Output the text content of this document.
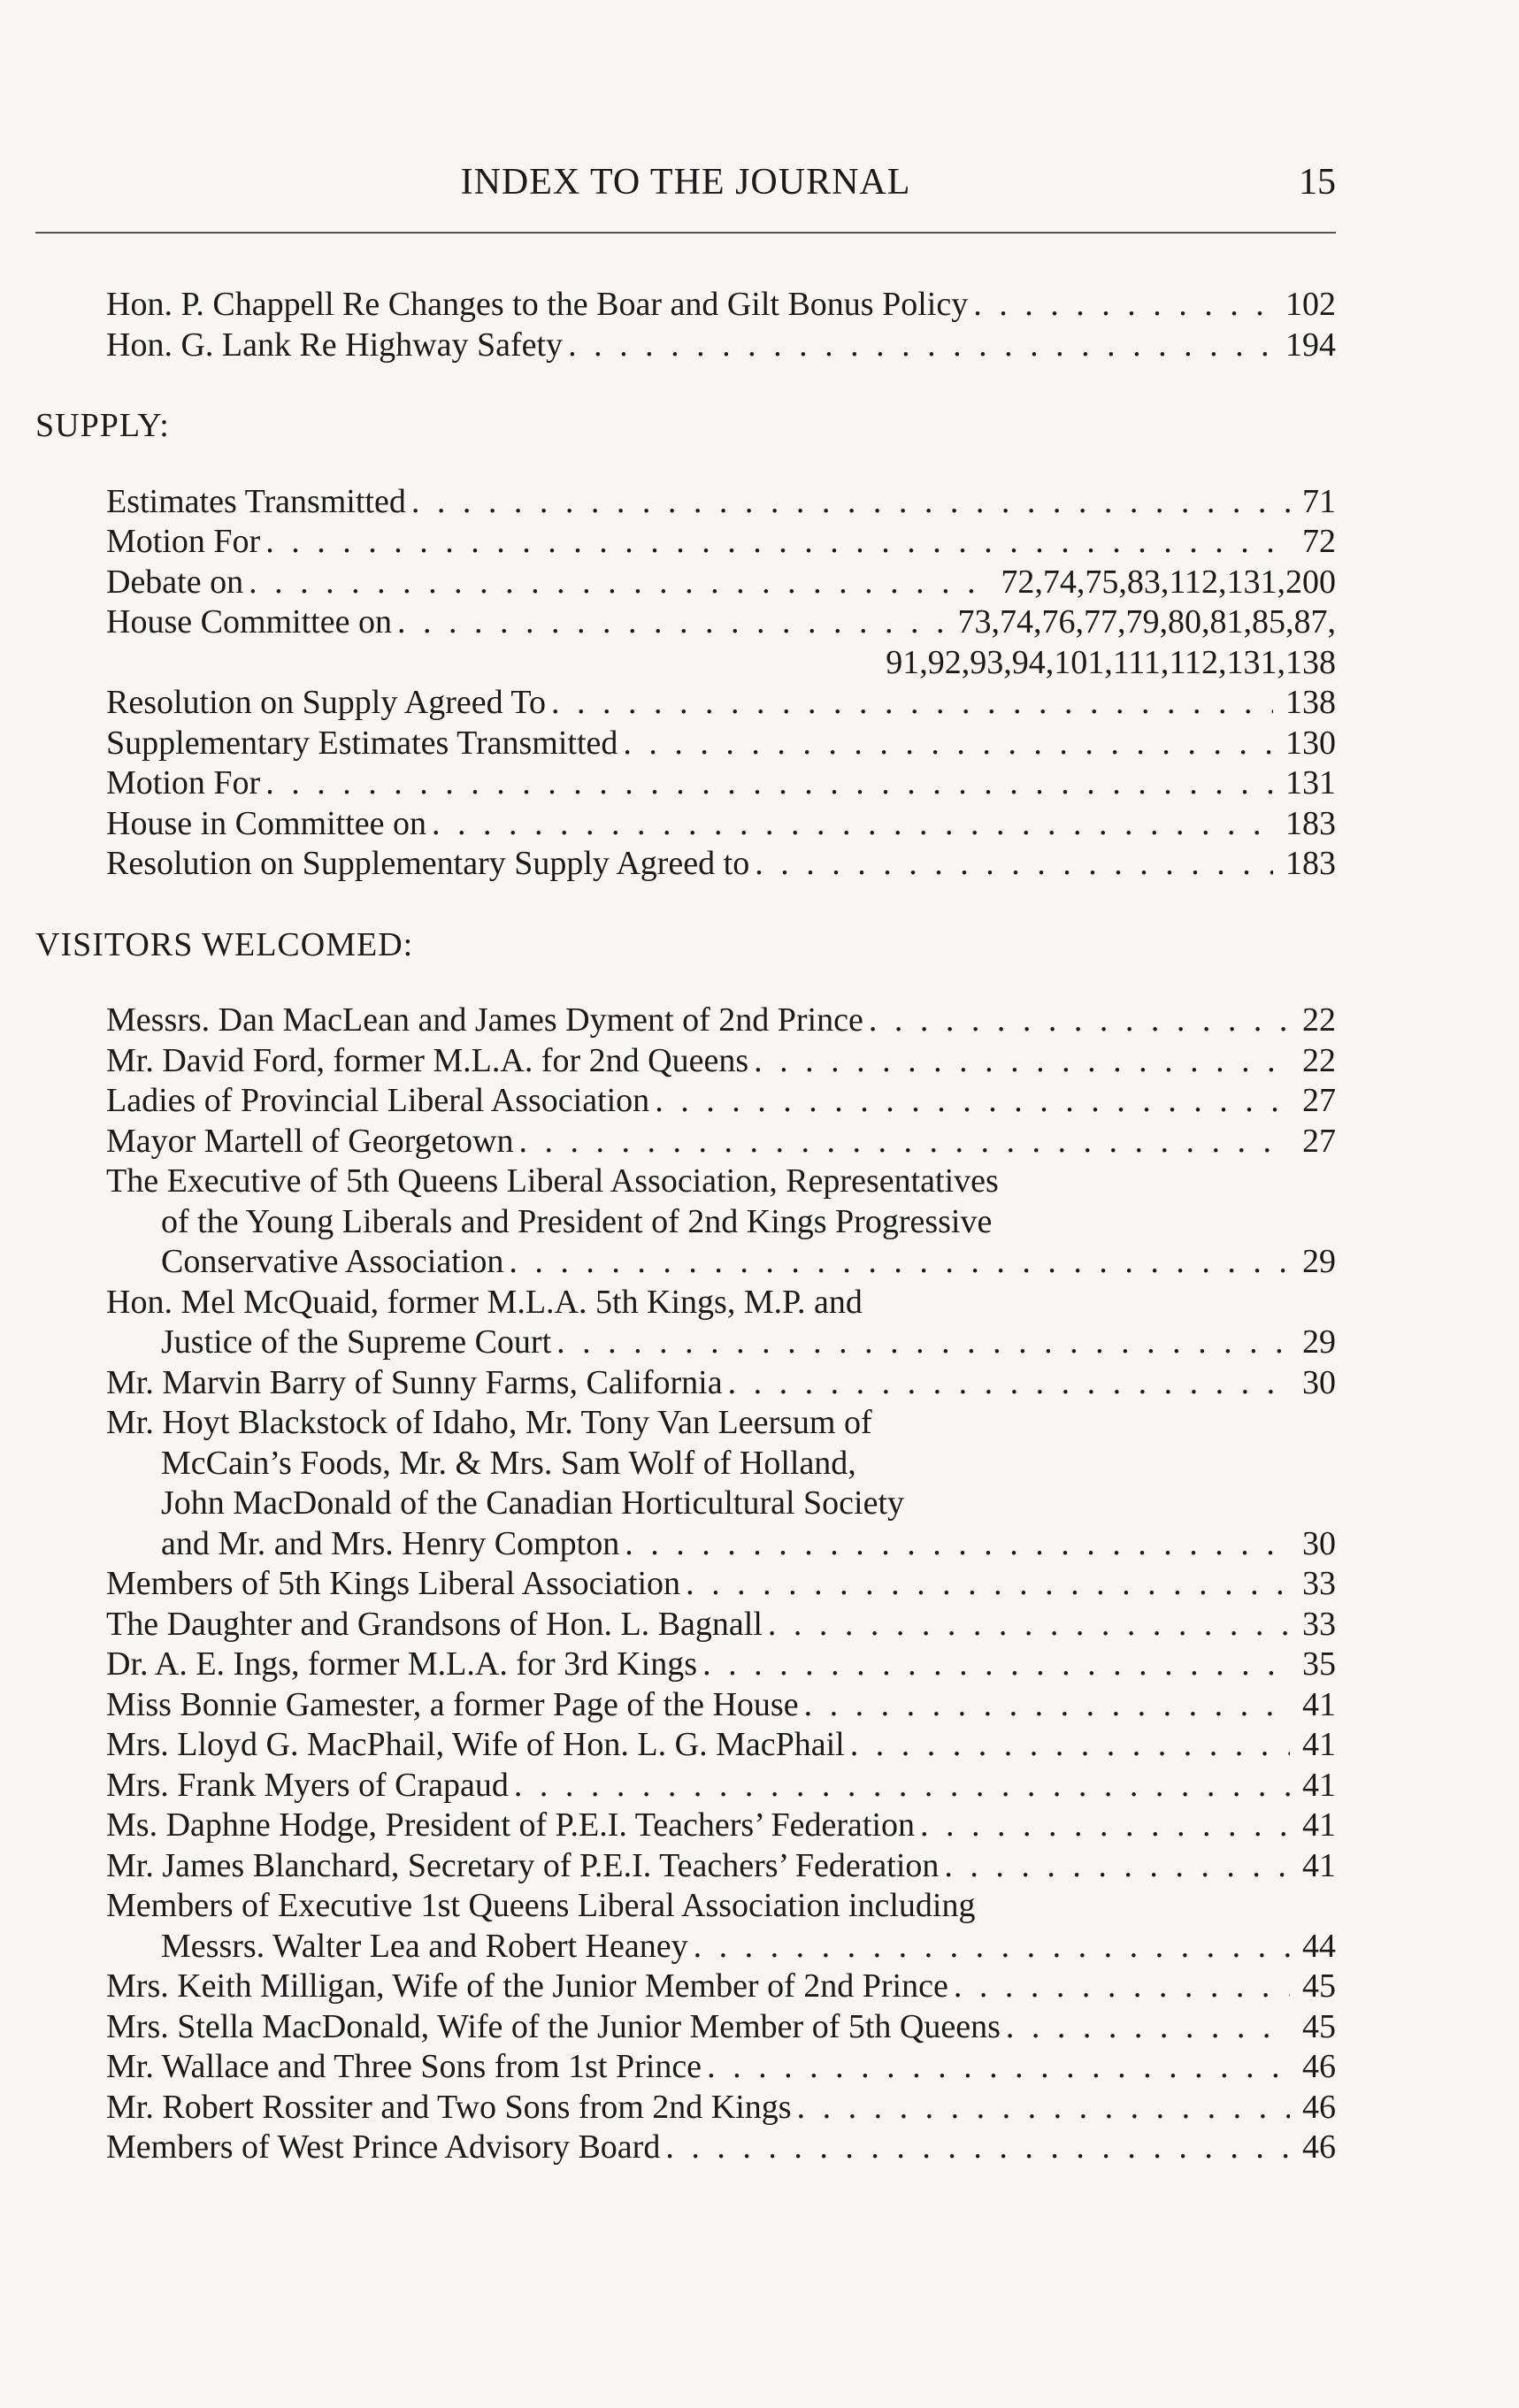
INDEX TO THE JOURNAL	15
Hon. P. Chappell Re Changes to the Boar and Gilt Bonus Policy . . .	102
Hon. G. Lank Re Highway Safety . . .	194
SUPPLY:
Estimates Transmitted . . .	71
Motion For . . .	72
Debate on . . .	72,74,75,83,112,131,200
House Committee on . . .	73,74,76,77,79,80,81,85,87,
91,92,93,94,101,111,112,131,138
Resolution on Supply Agreed To . . .	138
Supplementary Estimates Transmitted . . .	130
Motion For . . .	131
House in Committee on . . .	183
Resolution on Supplementary Supply Agreed to . . .	183
VISITORS WELCOMED:
Messrs. Dan MacLean and James Dyment of 2nd Prince . . .	22
Mr. David Ford, former M.L.A. for 2nd Queens . . .	22
Ladies of Provincial Liberal Association . . .	27
Mayor Martell of Georgetown . . .	27
The Executive of 5th Queens Liberal Association, Representatives
of the Young Liberals and President of 2nd Kings Progressive
Conservative Association . . .	29
Hon. Mel McQuaid, former M.L.A. 5th Kings, M.P. and
Justice of the Supreme Court . . .	29
Mr. Marvin Barry of Sunny Farms, California . . .	30
Mr. Hoyt Blackstock of Idaho, Mr. Tony Van Leersum of
McCain’s Foods, Mr. & Mrs. Sam Wolf of Holland,
John MacDonald of the Canadian Horticultural Society
and Mr. and Mrs. Henry Compton . . .	30
Members of 5th Kings Liberal Association . . .	33
The Daughter and Grandsons of Hon. L. Bagnall . . .	33
Dr. A. E. Ings, former M.L.A. for 3rd Kings . . .	35
Miss Bonnie Gamester, a former Page of the House . . .	41
Mrs. Lloyd G. MacPhail, Wife of Hon. L. G. MacPhail . . .	41
Mrs. Frank Myers of Crapaud . . .	41
Ms. Daphne Hodge, President of P.E.I. Teachers’ Federation . . .	41
Mr. James Blanchard, Secretary of P.E.I. Teachers’ Federation . . .	41
Members of Executive 1st Queens Liberal Association including
Messrs. Walter Lea and Robert Heaney . . .	44
Mrs. Keith Milligan, Wife of the Junior Member of 2nd Prince . . .	45
Mrs. Stella MacDonald, Wife of the Junior Member of 5th Queens . . .	45
Mr. Wallace and Three Sons from 1st Prince . . .	46
Mr. Robert Rossiter and Two Sons from 2nd Kings . . .	46
Members of West Prince Advisory Board . . .	46
